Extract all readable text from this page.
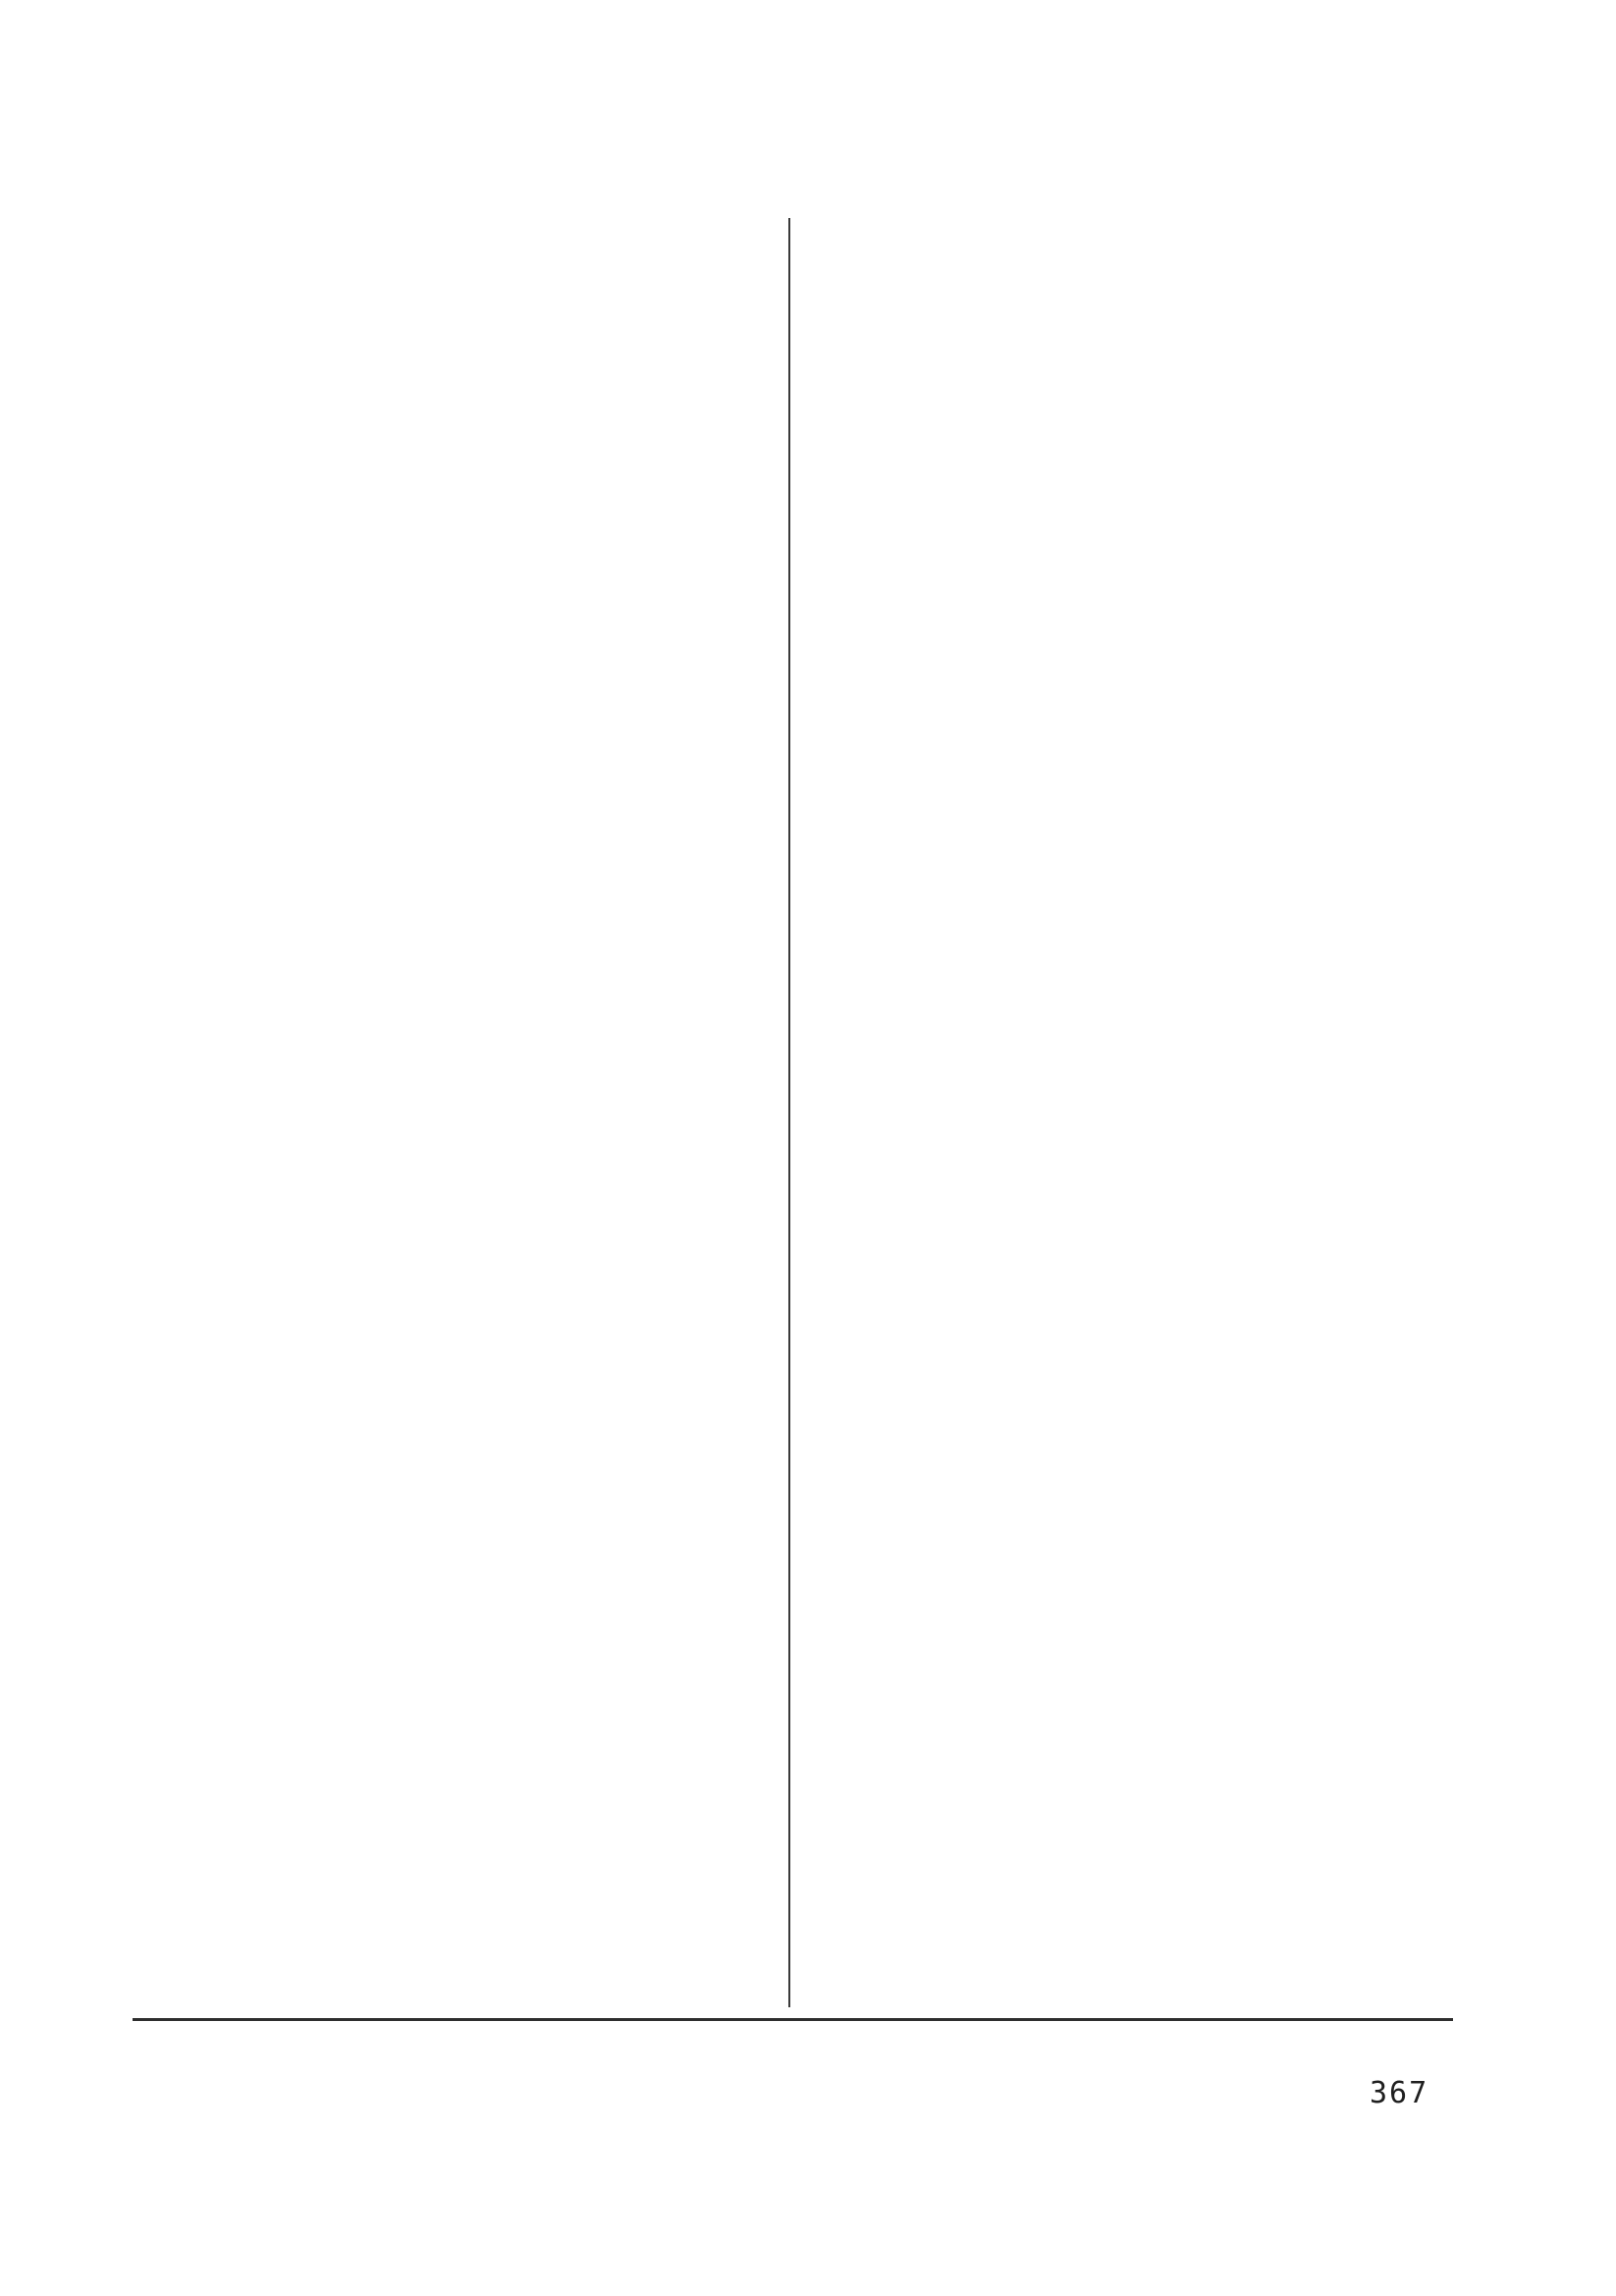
367
